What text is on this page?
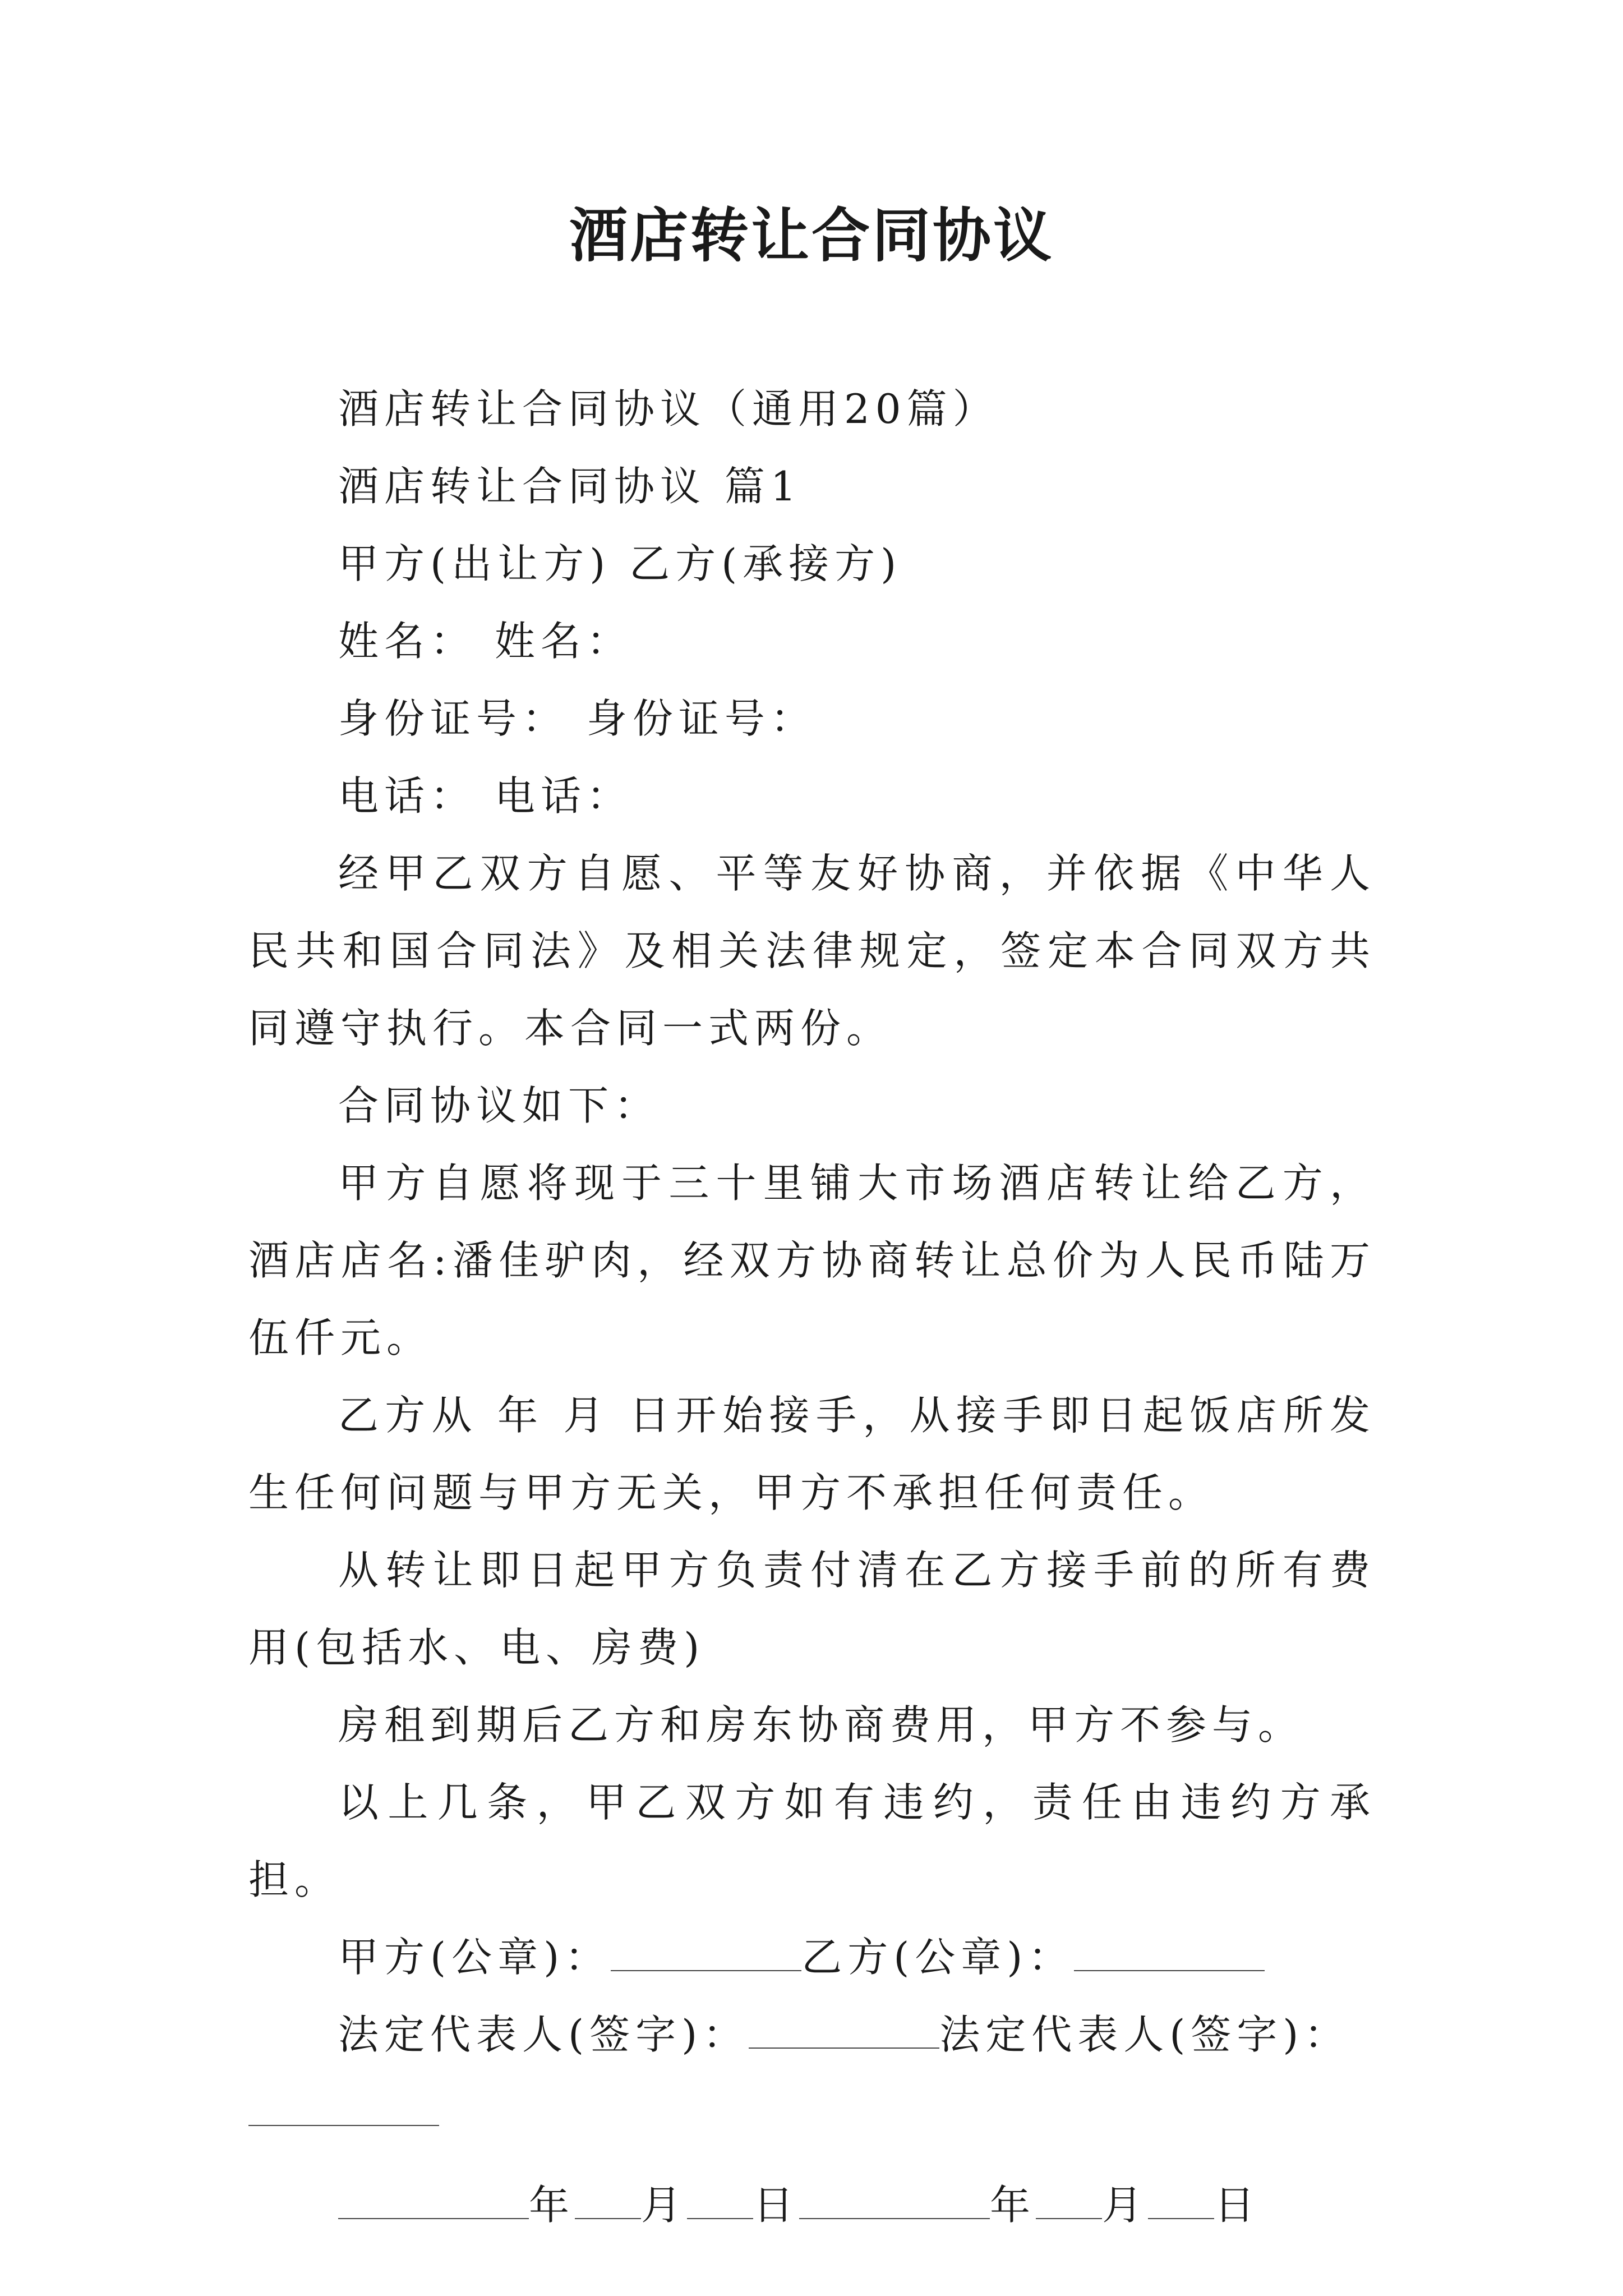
酒店转让合同协议

酒店转让合同协议（通用20篇）

酒店转让合同协议 篇1

甲方(出让方) 乙方(承接方)

姓名： 姓名：

身份证号： 身份证号：

电话： 电话：

经甲乙双方自愿、平等友好协商，并依据《中华人民共和国合同法》及相关法律规定，签定本合同双方共同遵守执行。本合同一式两份。

合同协议如下：

甲方自愿将现于三十里铺大市场酒店转让给乙方，酒店店名:潘佳驴肉，经双方协商转让总价为人民币陆万伍仟元。

乙方从 年 月 日开始接手，从接手即日起饭店所发生任何问题与甲方无关，甲方不承担任何责任。

从转让即日起甲方负责付清在乙方接手前的所有费用(包括水、电、房费)

房租到期后乙方和房东协商费用，甲方不参与。

以上几条，甲乙双方如有违约，责任由违约方承担。

甲方(公章)：	乙方(公章)：

法定代表人(签字)：	法定代表人(签字)：

年 月 日	年 月 日
